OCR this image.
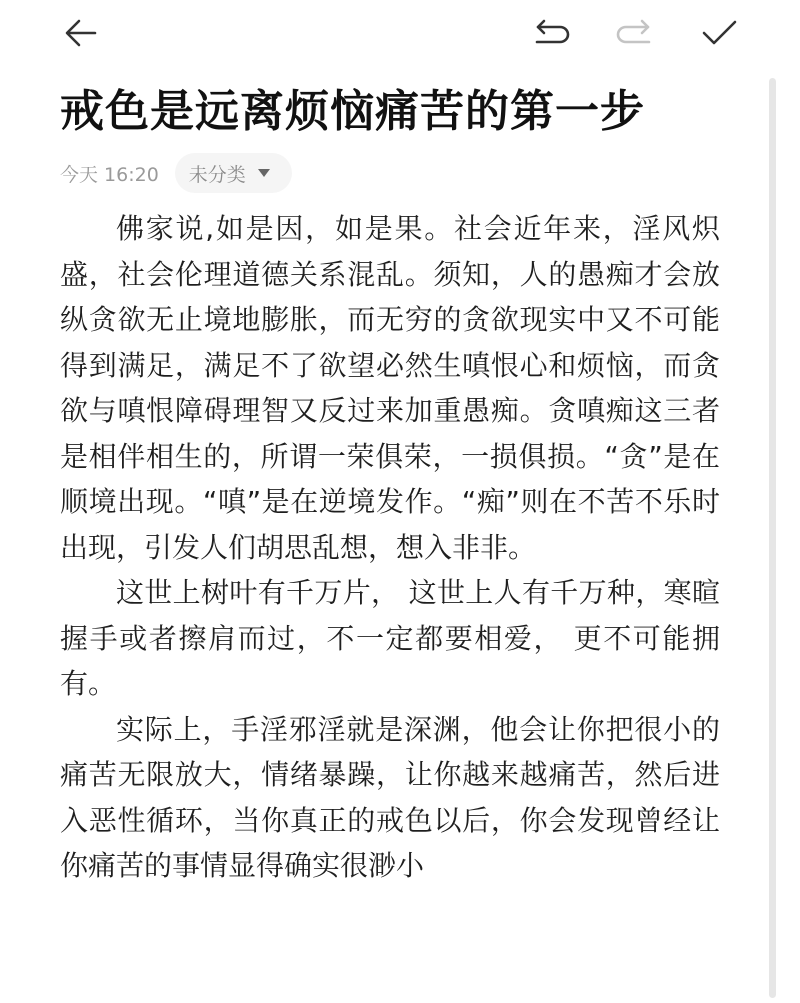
戒色是远离烦恼痛苦的第一步
今天 16:20 未分类

佛家说,如是因，如是果。社会近年来，淫风炽盛，社会伦理道德关系混乱。须知，人的愚痴才会放纵贪欲无止境地膨胀，而无穷的贪欲现实中又不可能得到满足，满足不了欲望必然生嗔恨心和烦恼，而贪欲与嗔恨障碍理智又反过来加重愚痴。贪嗔痴这三者是相伴相生的，所谓一荣俱荣，一损俱损。“贪”是在顺境出现。“嗔”是在逆境发作。“痴”则在不苦不乐时出现，引发人们胡思乱想，想入非非。

这世上树叶有千万片， 这世上人有千万种，寒暄握手或者擦肩而过，不一定都要相爱， 更不可能拥有。

实际上，手淫邪淫就是深渊，他会让你把很小的痛苦无限放大，情绪暴躁，让你越来越痛苦，然后进入恶性循环，当你真正的戒色以后，你会发现曾经让你痛苦的事情显得确实很渺小
